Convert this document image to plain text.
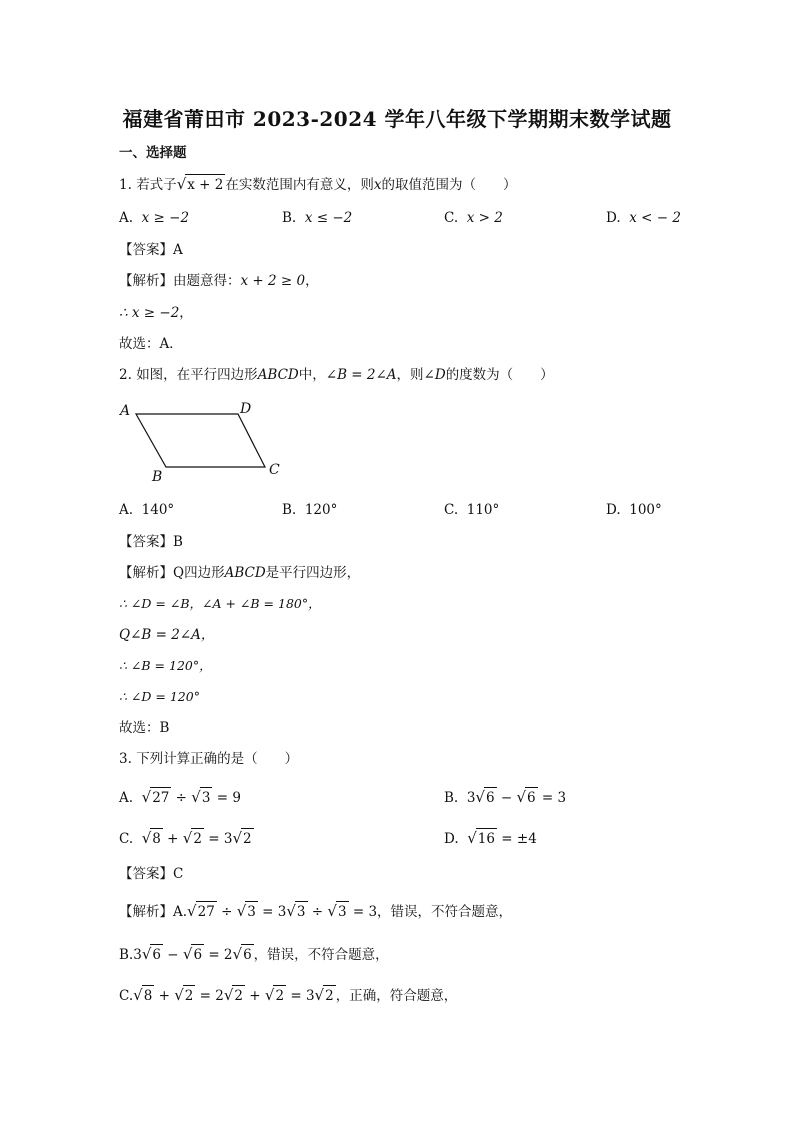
福建省莆田市 2023-2024 学年八年级下学期期末数学试题
一、选择题
1. 若式子√x + 2 在实数范围内有意义，则x的取值范围为（　　）
A. x ≥ −2	B. x ≤ −2	C. x > 2	D. x < − 2
【答案】A
【解析】由题意得：x + 2 ≥ 0，
∴ x ≥ −2，
故选：A．
2. 如图，在平行四边形ABCD中，∠B = 2∠A，则∠D的度数为（　　）
A	D
B	C
A. 140°	B. 120°	C. 110°	D. 100°
【答案】B
【解析】Q四边形ABCD是平行四边形，
∴ ∠D = ∠B，∠A + ∠B = 180°，
Q∠B = 2∠A，
∴ ∠B = 120°，
∴ ∠D = 120°
故选：B
3. 下列计算正确的是（　　）
A. √27 ÷ √3 = 9	B. 3√6 − √6 = 3
C. √8 + √2 = 3√2	D. √16 = ±4
【答案】C
【解析】A.√27 ÷ √3 = 3√3 ÷ √3 = 3，错误，不符合题意，
B.3√6 − √6 = 2√6 ，错误，不符合题意，
C.√8 + √2 = 2√2 + √2 = 3√2 ，正确，符合题意，
